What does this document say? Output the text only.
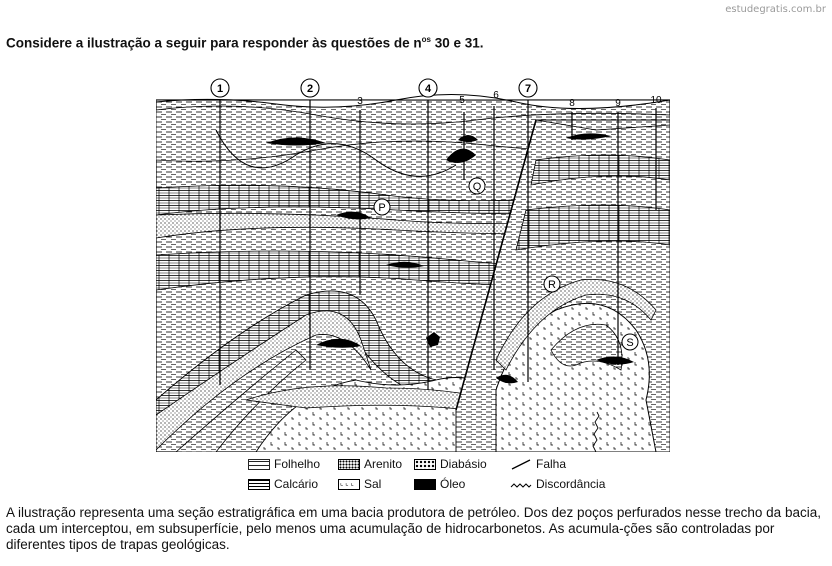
estudegratis.com.br
Considere a ilustração a seguir para responder às questões de $n^{os}$ 30 e 31.
1	2
3
4
5	6
7
8	9	10
P
Q
R
S
Folhelho
Calcário
Arenito
⌞ ⌞ ⌞
Sal
Diabásio
Óleo
Falha
Discordância
A ilustração representa uma seção estratigráfica em uma bacia produtora de petróleo. Dos dez poços perfurados nesse trecho da bacia, cada um interceptou, em subsuperfície, pelo menos uma acumulação de hidrocarbonetos. As acumula-ções são controladas por diferentes tipos de trapas geológicas.
